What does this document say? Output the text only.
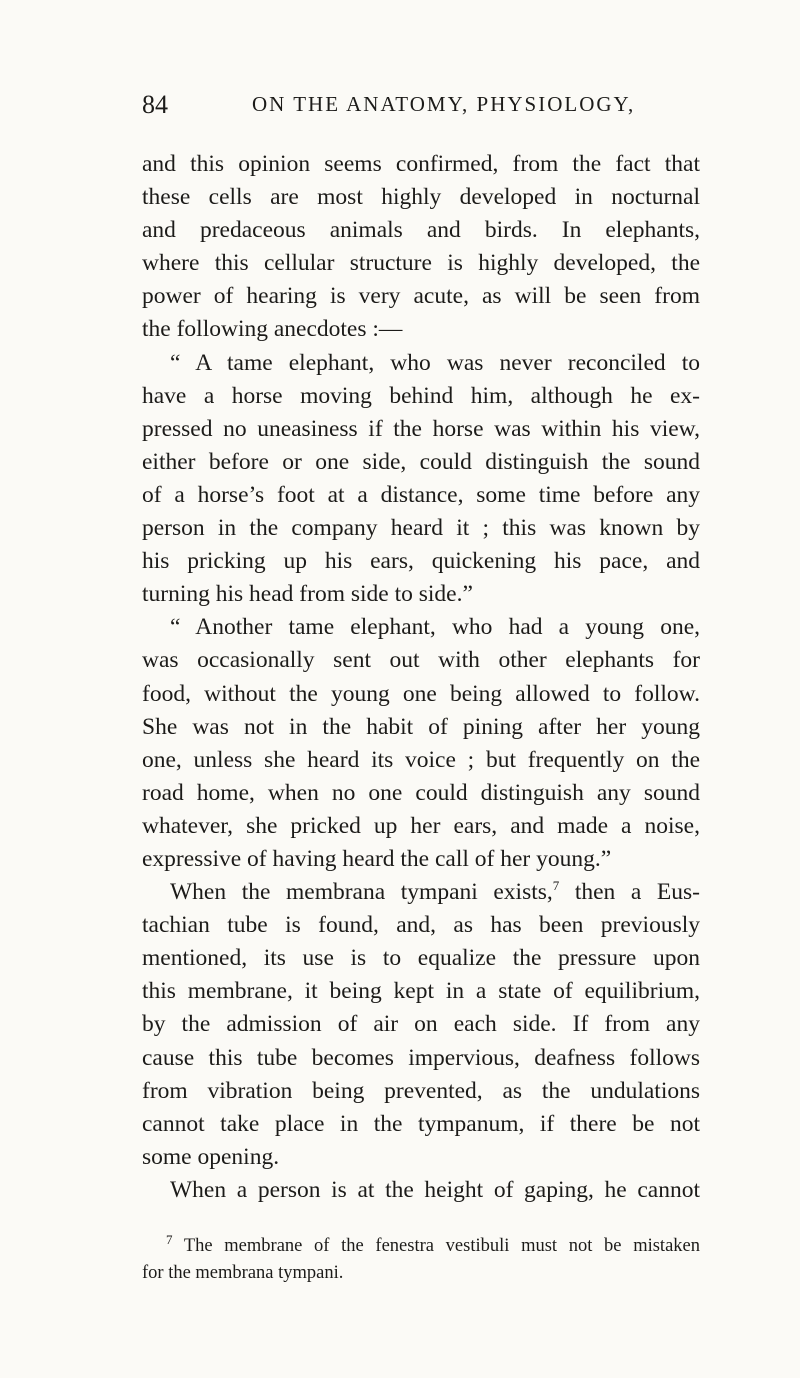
84	ON THE ANATOMY, PHYSIOLOGY,
and this opinion seems confirmed, from the fact that
these cells are most highly developed in nocturnal
and predaceous animals and birds. In elephants,
where this cellular structure is highly developed, the
power of hearing is very acute, as will be seen from
the following anecdotes :—
“ A tame elephant, who was never reconciled to
have a horse moving behind him, although he ex-
pressed no uneasiness if the horse was within his view,
either before or one side, could distinguish the sound
of a horse’s foot at a distance, some time before any
person in the company heard it ; this was known by
his pricking up his ears, quickening his pace, and
turning his head from side to side.”
“ Another tame elephant, who had a young one,
was occasionally sent out with other elephants for
food, without the young one being allowed to follow.
She was not in the habit of pining after her young
one, unless she heard its voice ; but frequently on the
road home, when no one could distinguish any sound
whatever, she pricked up her ears, and made a noise,
expressive of having heard the call of her young.”
When the membrana tympani exists,$^7$ then a Eus-
tachian tube is found, and, as has been previously
mentioned, its use is to equalize the pressure upon
this membrane, it being kept in a state of equilibrium,
by the admission of air on each side. If from any
cause this tube becomes impervious, deafness follows
from vibration being prevented, as the undulations
cannot take place in the tympanum, if there be not
some opening.
When a person is at the height of gaping, he cannot
$^7$ The membrane of the fenestra vestibuli must not be mistaken
for the membrana tympani.
